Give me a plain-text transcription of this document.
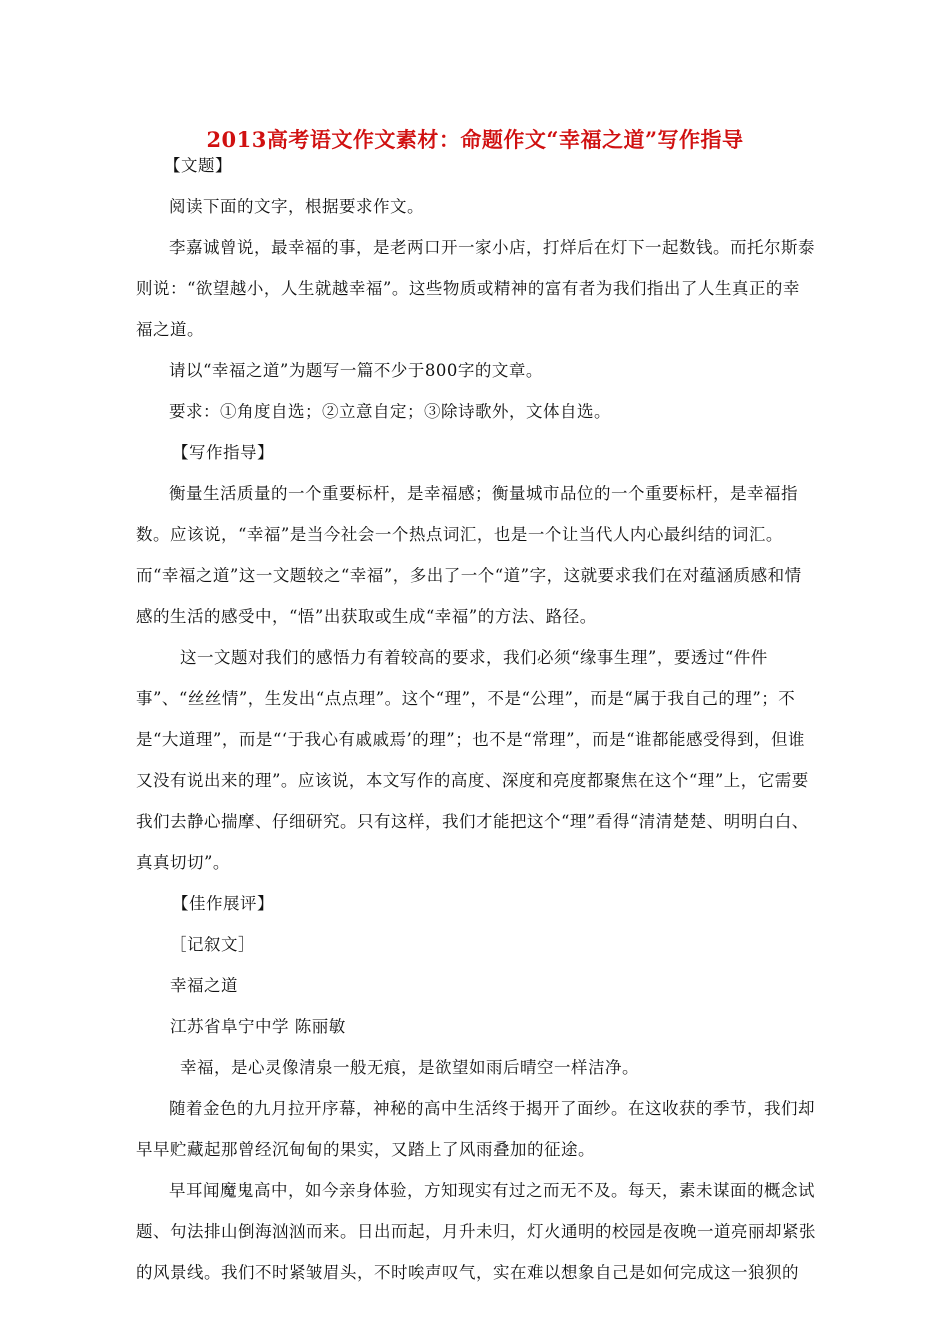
2013高考语文作文素材：命题作文“幸福之道”写作指导

【文题】

阅读下面的文字，根据要求作文。

李嘉诚曾说，最幸福的事，是老两口开一家小店，打烊后在灯下一起数钱。而托尔斯泰则说：“欲望越小，人生就越幸福”。这些物质或精神的富有者为我们指出了人生真正的幸福之道。

请以“幸福之道”为题写一篇不少于800字的文章。

要求：①角度自选；②立意自定；③除诗歌外，文体自选。

【写作指导】

衡量生活质量的一个重要标杆，是幸福感；衡量城市品位的一个重要标杆，是幸福指数。应该说，“幸福”是当今社会一个热点词汇，也是一个让当代人内心最纠结的词汇。而“幸福之道”这一文题较之“幸福”，多出了一个“道”字，这就要求我们在对蕴涵质感和情感的生活的感受中，“悟”出获取或生成“幸福”的方法、路径。

这一文题对我们的感悟力有着较高的要求，我们必须“缘事生理”，要透过“件件事”、“丝丝情”，生发出“点点理”。这个“理”，不是“公理”，而是“属于我自己的理”；不是“大道理”，而是“‘于我心有戚戚焉’的理”；也不是“常理”，而是“谁都能感受得到，但谁又没有说出来的理”。应该说，本文写作的高度、深度和亮度都聚焦在这个“理”上，它需要我们去静心揣摩、仔细研究。只有这样，我们才能把这个“理”看得“清清楚楚、明明白白、真真切切”。

【佳作展评】

［记叙文］

幸福之道

江苏省阜宁中学 陈丽敏

幸福，是心灵像清泉一般无痕，是欲望如雨后晴空一样洁净。

随着金色的九月拉开序幕，神秘的高中生活终于揭开了面纱。在这收获的季节，我们却早早贮藏起那曾经沉甸甸的果实，又踏上了风雨叠加的征途。

早耳闻魔鬼高中，如今亲身体验，方知现实有过之而无不及。每天，素未谋面的概念试题、句法排山倒海汹汹而来。日出而起，月升未归，灯火通明的校园是夜晚一道亮丽却紧张的风景线。我们不时紧皱眉头，不时唉声叹气，实在难以想象自己是如何完成这一狼狈的
